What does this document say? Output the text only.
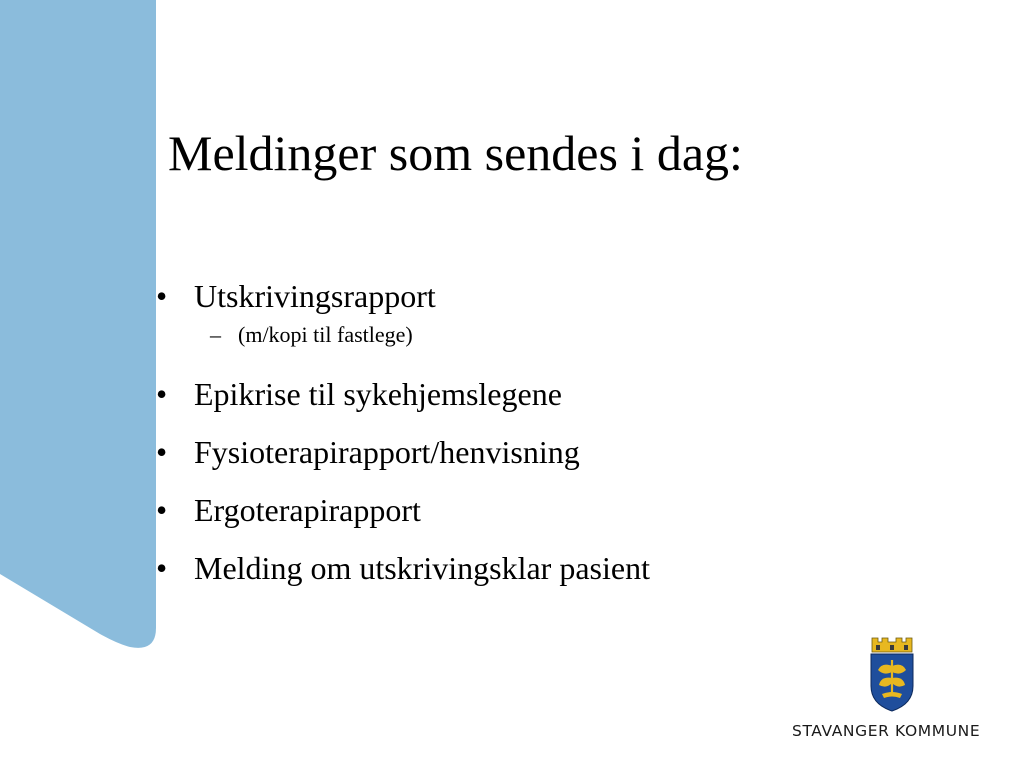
Meldinger som sendes i dag:
• Utskrivingsrapport
– (m/kopi til fastlege)
• Epikrise til sykehjemslegene
• Fysioterapirapport/henvisning
• Ergoterapirapport
• Melding om utskrivingsklar pasient
STAVANGER KOMMUNE
